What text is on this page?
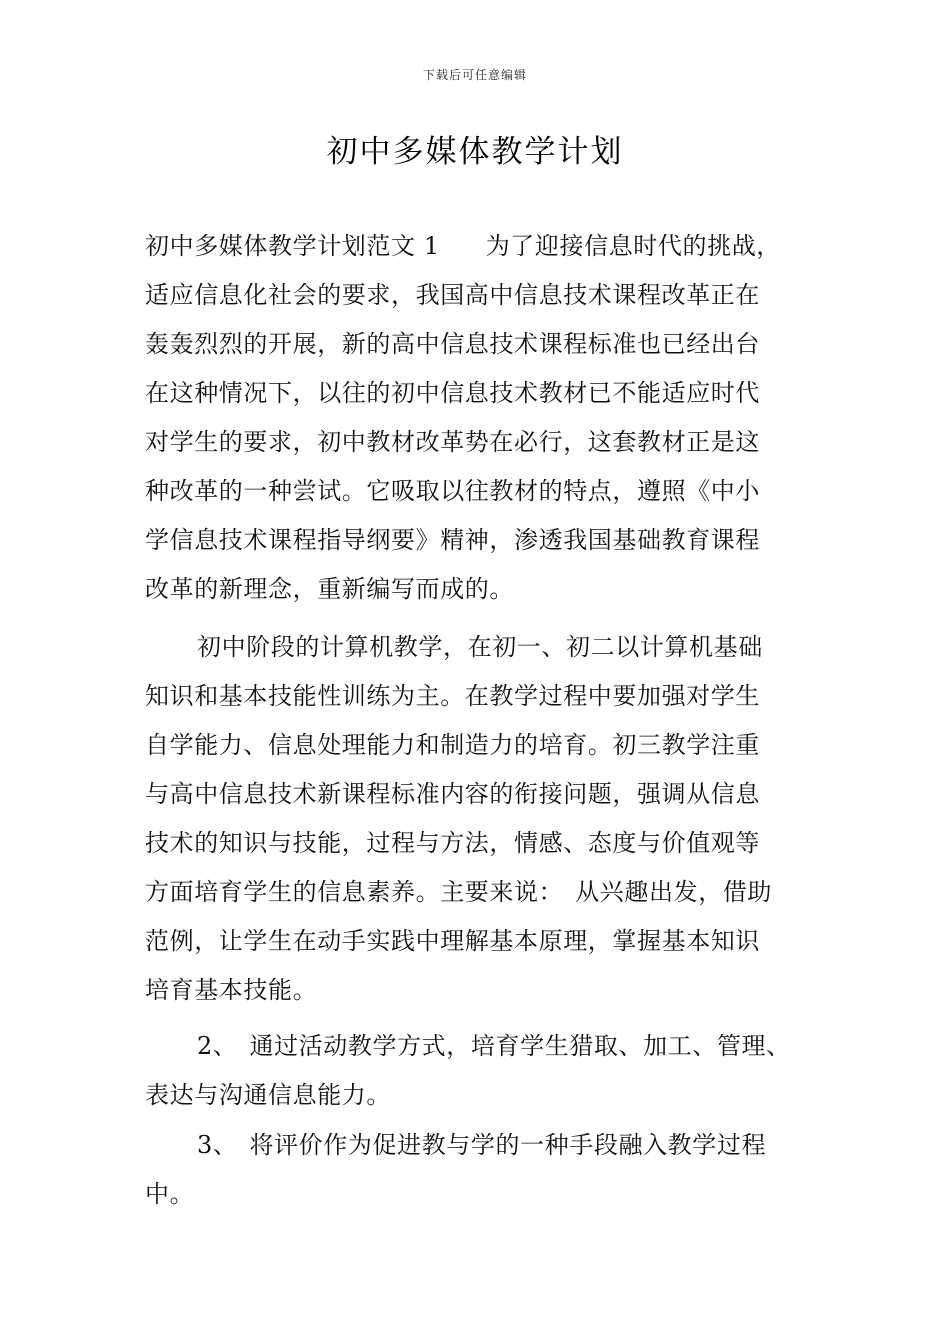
下载后可任意编辑
初中多媒体教学计划
初中多媒体教学计划范文 1 为了迎接信息时代的挑战，
适应信息化社会的要求，我国高中信息技术课程改革正在
轰轰烈烈的开展，新的高中信息技术课程标准也已经出台
在这种情况下，以往的初中信息技术教材已不能适应时代
对学生的要求，初中教材改革势在必行，这套教材正是这
种改革的一种尝试。它吸取以往教材的特点，遵照《中小
学信息技术课程指导纲要》精神，渗透我国基础教育课程
改革的新理念，重新编写而成的。
初中阶段的计算机教学，在初一、初二以计算机基础
知识和基本技能性训练为主。在教学过程中要加强对学生
自学能力、信息处理能力和制造力的培育。初三教学注重
与高中信息技术新课程标准内容的衔接问题，强调从信息
技术的知识与技能，过程与方法，情感、态度与价值观等
方面培育学生的信息素养。主要来说： 从兴趣出发，借助
范例，让学生在动手实践中理解基本原理，掌握基本知识
培育基本技能。
2、 通过活动教学方式，培育学生猎取、加工、管理、
表达与沟通信息能力。
3、 将评价作为促进教与学的一种手段融入教学过程
中。
